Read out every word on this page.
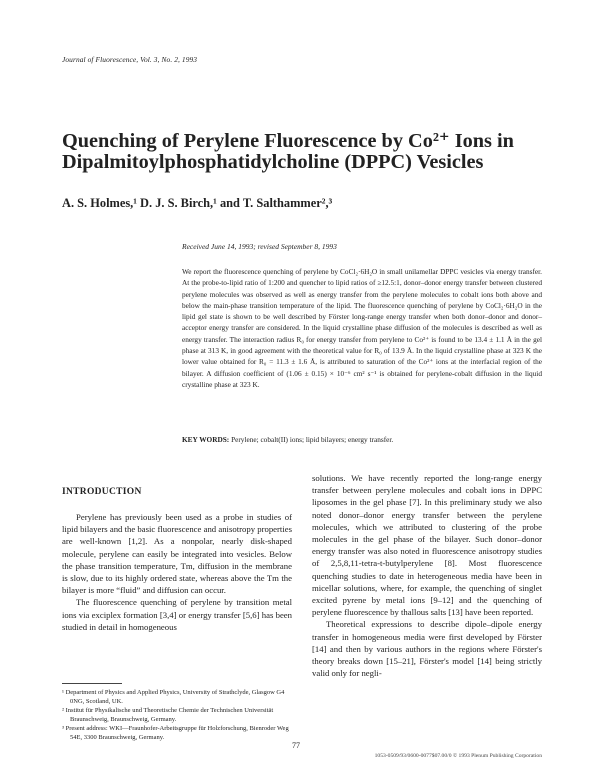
Journal of Fluorescence, Vol. 3, No. 2, 1993
Quenching of Perylene Fluorescence by Co²⁺ Ions in Dipalmitoylphosphatidylcholine (DPPC) Vesicles
A. S. Holmes,¹ D. J. S. Birch,¹ and T. Salthammer²,³
Received June 14, 1993; revised September 8, 1993
We report the fluorescence quenching of perylene by CoCl₂·6H₂O in small unilamellar DPPC vesicles via energy transfer. At the probe-to-lipid ratio of 1:200 and quencher to lipid ratios of ≥12.5:1, donor–donor energy transfer between clustered perylene molecules was observed as well as energy transfer from the perylene molecules to cobalt ions both above and below the main-phase transition temperature of the lipid. The fluorescence quenching of perylene by CoCl₂·6H₂O in the lipid gel state is shown to be well described by Förster long-range energy transfer when both donor–donor and donor–acceptor energy transfer are considered. In the liquid crystalline phase diffusion of the molecules is described as well as energy transfer. The interaction radius R₀ for energy transfer from perylene to Co²⁺ is found to be 13.4 ± 1.1 Å in the gel phase at 313 K, in good agreement with the theoretical value for R₀ of 13.9 Å. In the liquid crystalline phase at 323 K the lower value obtained for R₀ = 11.3 ± 1.6 Å, is attributed to saturation of the Co²⁺ ions at the interfacial region of the bilayer. A diffusion coefficient of (1.06 ± 0.15) × 10⁻⁶ cm² s⁻¹ is obtained for perylene-cobalt diffusion in the liquid crystalline phase at 323 K.
KEY WORDS: Perylene; cobalt(II) ions; lipid bilayers; energy transfer.
INTRODUCTION

Perylene has previously been used as a probe in studies of lipid bilayers and the basic fluorescence and anisotropy properties are well-known [1,2]. As a nonpolar, nearly disk-shaped molecule, perylene can easily be integrated into vesicles. Below the phase transition temperature, Tm, diffusion in the membrane is slow, due to its highly ordered state, whereas above the Tm the bilayer is more “fluid” and diffusion can occur.

The fluorescence quenching of perylene by transition metal ions via exciplex formation [3,4] or energy transfer [5,6] has been studied in detail in homogeneous

solutions. We have recently reported the long-range energy transfer between perylene molecules and cobalt ions in DPPC liposomes in the gel phase [7]. In this preliminary study we also noted donor–donor energy transfer between the perylene molecules, which we attributed to clustering of the probe molecules in the gel phase of the bilayer. Such donor–donor energy transfer was also noted in fluorescence anisotropy studies of 2,5,8,11-tetra-t-butylperylene [8]. Most fluorescence quenching studies to date in heterogeneous media have been in micellar solutions, where, for example, the quenching of singlet excited pyrene by metal ions [9–12] and the quenching of perylene fluorescence by thallous salts [13] have been reported.

Theoretical expressions to describe dipole–dipole energy transfer in homogeneous media were first developed by Förster [14] and then by various authors in the regions where Förster's theory breaks down [15–21], Förster's model [14] being strictly valid only for negli-

¹ Department of Physics and Applied Physics, University of Strathclyde, Glasgow G4 0NG, Scotland, UK.

² Institut für Physikalische und Theoretische Chemie der Technischen Universität Braunschweig, Braunschweig, Germany.

³ Present address: WKI—Fraunhofer-Arbeitsgruppe für Holzforschung, Bienroder Weg 54E, 3300 Braunschweig, Germany.

77
1053-0509/93/0600-0077$07.00/0 © 1993 Plenum Publishing Corporation
